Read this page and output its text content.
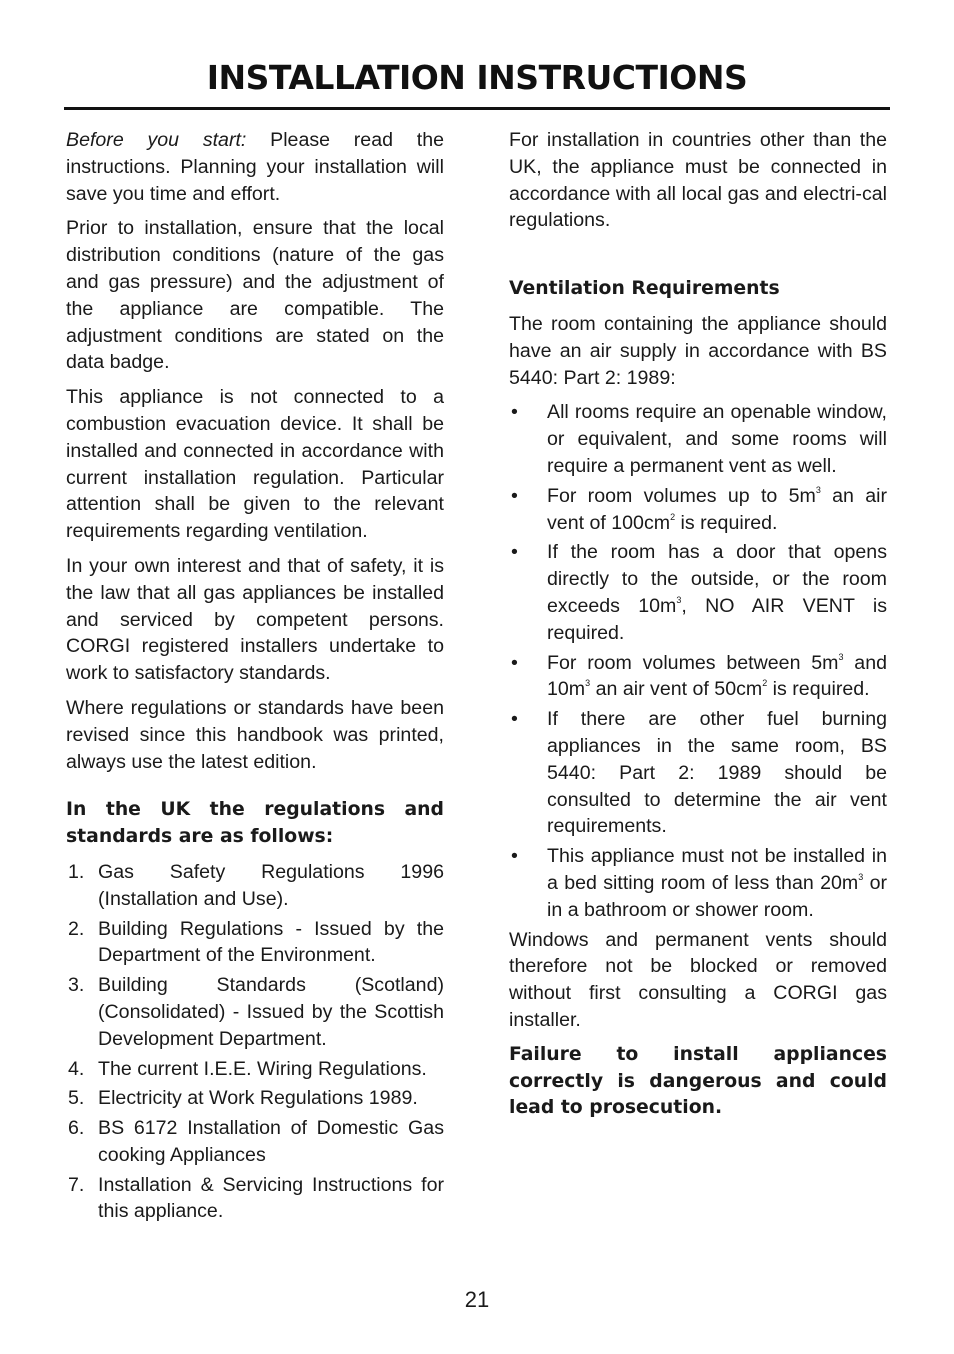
INSTALLATION INSTRUCTIONS

Before you start: Please read the instructions. Planning your installation will save you time and effort.

Prior to installation, ensure that the local distribution conditions (nature of the gas and gas pressure) and the adjustment of the appliance are compatible. The adjustment conditions are stated on the data badge.

This appliance is not connected to a combustion evacuation device. It shall be installed and connected in accordance with current installation regulation. Particular attention shall be given to the relevant requirements regarding ventilation.

In your own interest and that of safety, it is the law that all gas appliances be installed and serviced by competent persons. CORGI registered installers undertake to work to satisfactory standards.

Where regulations or standards have been revised since this handbook was printed, always use the latest edition.

In the UK the regulations and standards are as follows:

1. Gas Safety Regulations 1996 (Installation and Use).
2. Building Regulations - Issued by the Department of the Environment.
3. Building Standards (Scotland) (Consolidated) - Issued by the Scottish Development Department.
4. The current I.E.E. Wiring Regulations.
5. Electricity at Work Regulations 1989.
6. BS 6172 Installation of Domestic Gas cooking Appliances
7. Installation & Servicing Instructions for this appliance.

For installation in countries other than the UK, the appliance must be connected in accordance with all local gas and electri-cal regulations.

Ventilation Requirements

The room containing the appliance should have an air supply in accordance with BS 5440: Part 2: 1989:

• All rooms require an openable window, or equivalent, and some rooms will require a permanent vent as well.
• For room volumes up to $5m^3$ an air vent of $100cm^2$ is required.
• If the room has a door that opens directly to the outside, or the room exceeds $10m^3$, NO AIR VENT is required.
• For room volumes between $5m^3$ and $10m^3$ an air vent of $50cm^2$ is required.
• If there are other fuel burning appliances in the same room, BS 5440: Part 2: 1989 should be consulted to determine the air vent requirements.
• This appliance must not be installed in a bed sitting room of less than $20m^3$ or in a bathroom or shower room.

Windows and permanent vents should therefore not be blocked or removed without first consulting a CORGI gas installer.

Failure to install appliances correctly is dangerous and could lead to prosecution.

21
